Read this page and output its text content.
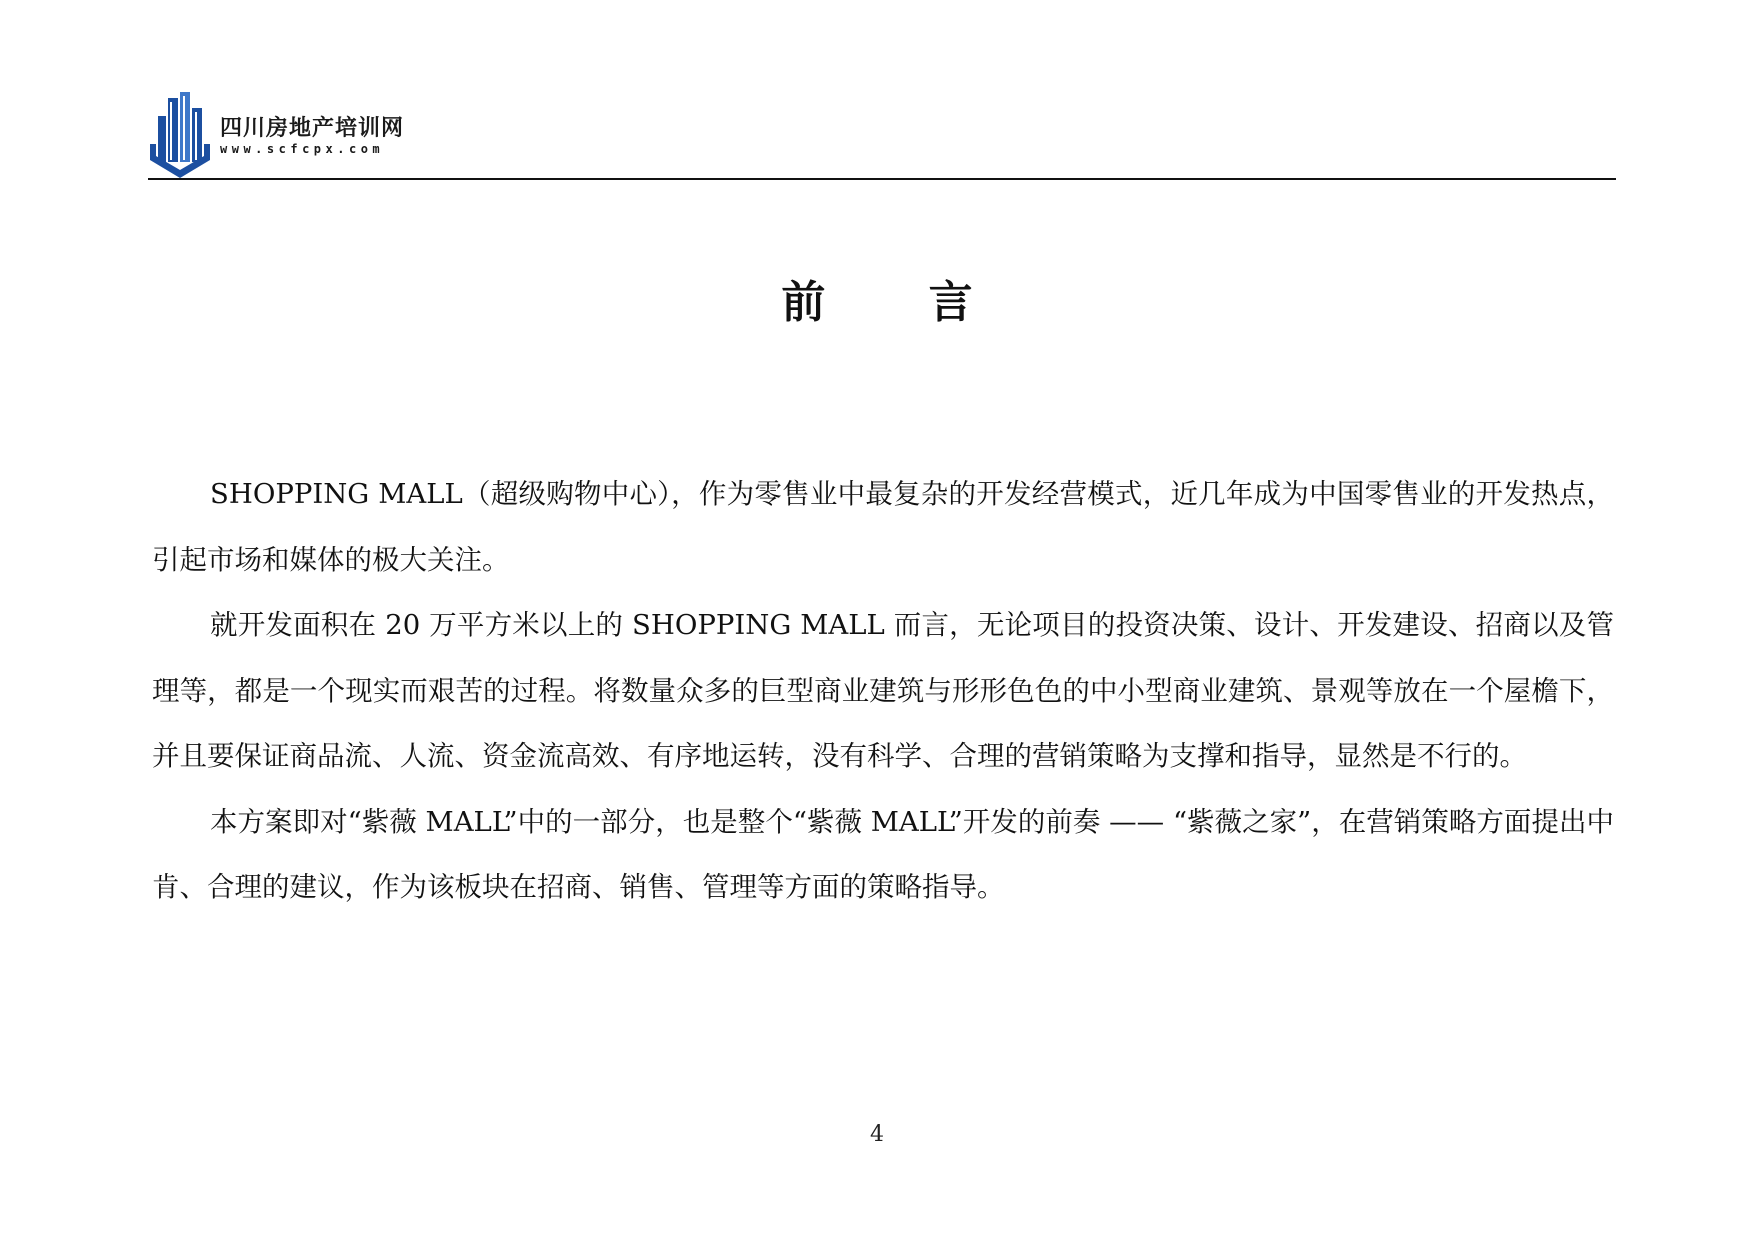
四川房地产培训网
www.scfcpx.com
前 言

SHOPPING MALL（超级购物中心），作为零售业中最复杂的开发经营模式，近几年成为中国零售业的开发热点，引起市场和媒体的极大关注。

就开发面积在 20 万平方米以上的 SHOPPING MALL 而言，无论项目的投资决策、设计、开发建设、招商以及管理等，都是一个现实而艰苦的过程。将数量众多的巨型商业建筑与形形色色的中小型商业建筑、景观等放在一个屋檐下，并且要保证商品流、人流、资金流高效、有序地运转，没有科学、合理的营销策略为支撑和指导，显然是不行的。

本方案即对“紫薇 MALL”中的一部分，也是整个“紫薇 MALL”开发的前奏 —— “紫薇之家”，在营销策略方面提出中肯、合理的建议，作为该板块在招商、销售、管理等方面的策略指导。

4
